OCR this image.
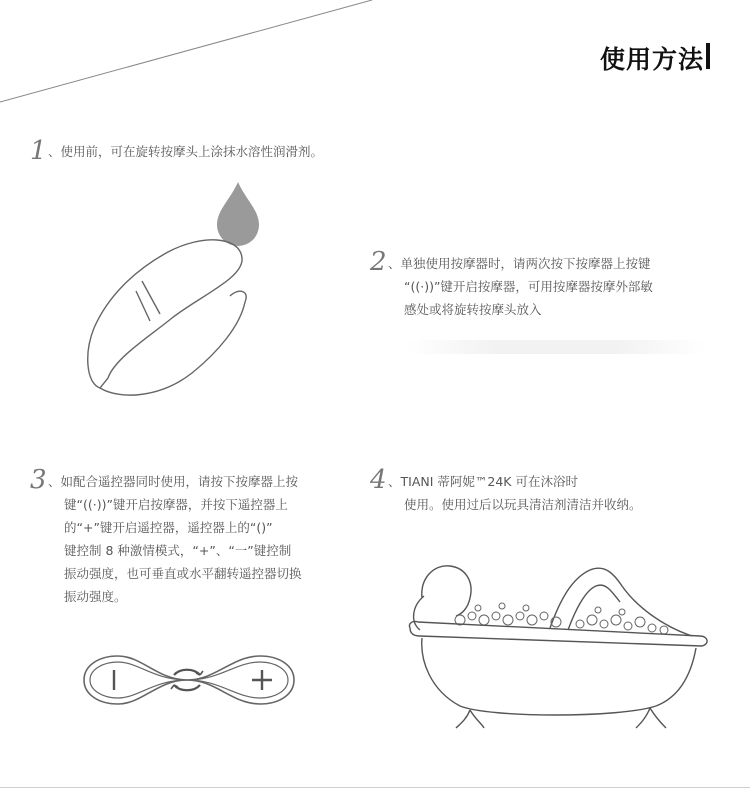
使用方法
1 、使用前，可在旋转按摩头上涂抹水溶性润滑剂。
2 、单独使用按摩器时，请两次按下按摩器上按键
“((·))”键开启按摩器，可用按摩器按摩外部敏
感处或将旋转按摩头放入
3 、如配合遥控器同时使用，请按下按摩器上按
键“((·))”键开启按摩器，并按下遥控器上
的“+”键开启遥控器，遥控器上的“()”
键控制 8 种激情模式，“+”、“一”键控制
振动强度，也可垂直或水平翻转遥控器切换
振动强度。
4 、TIANI 蒂阿妮™24K 可在沐浴时
使用。使用过后以玩具清洁剂清洁并收纳。
